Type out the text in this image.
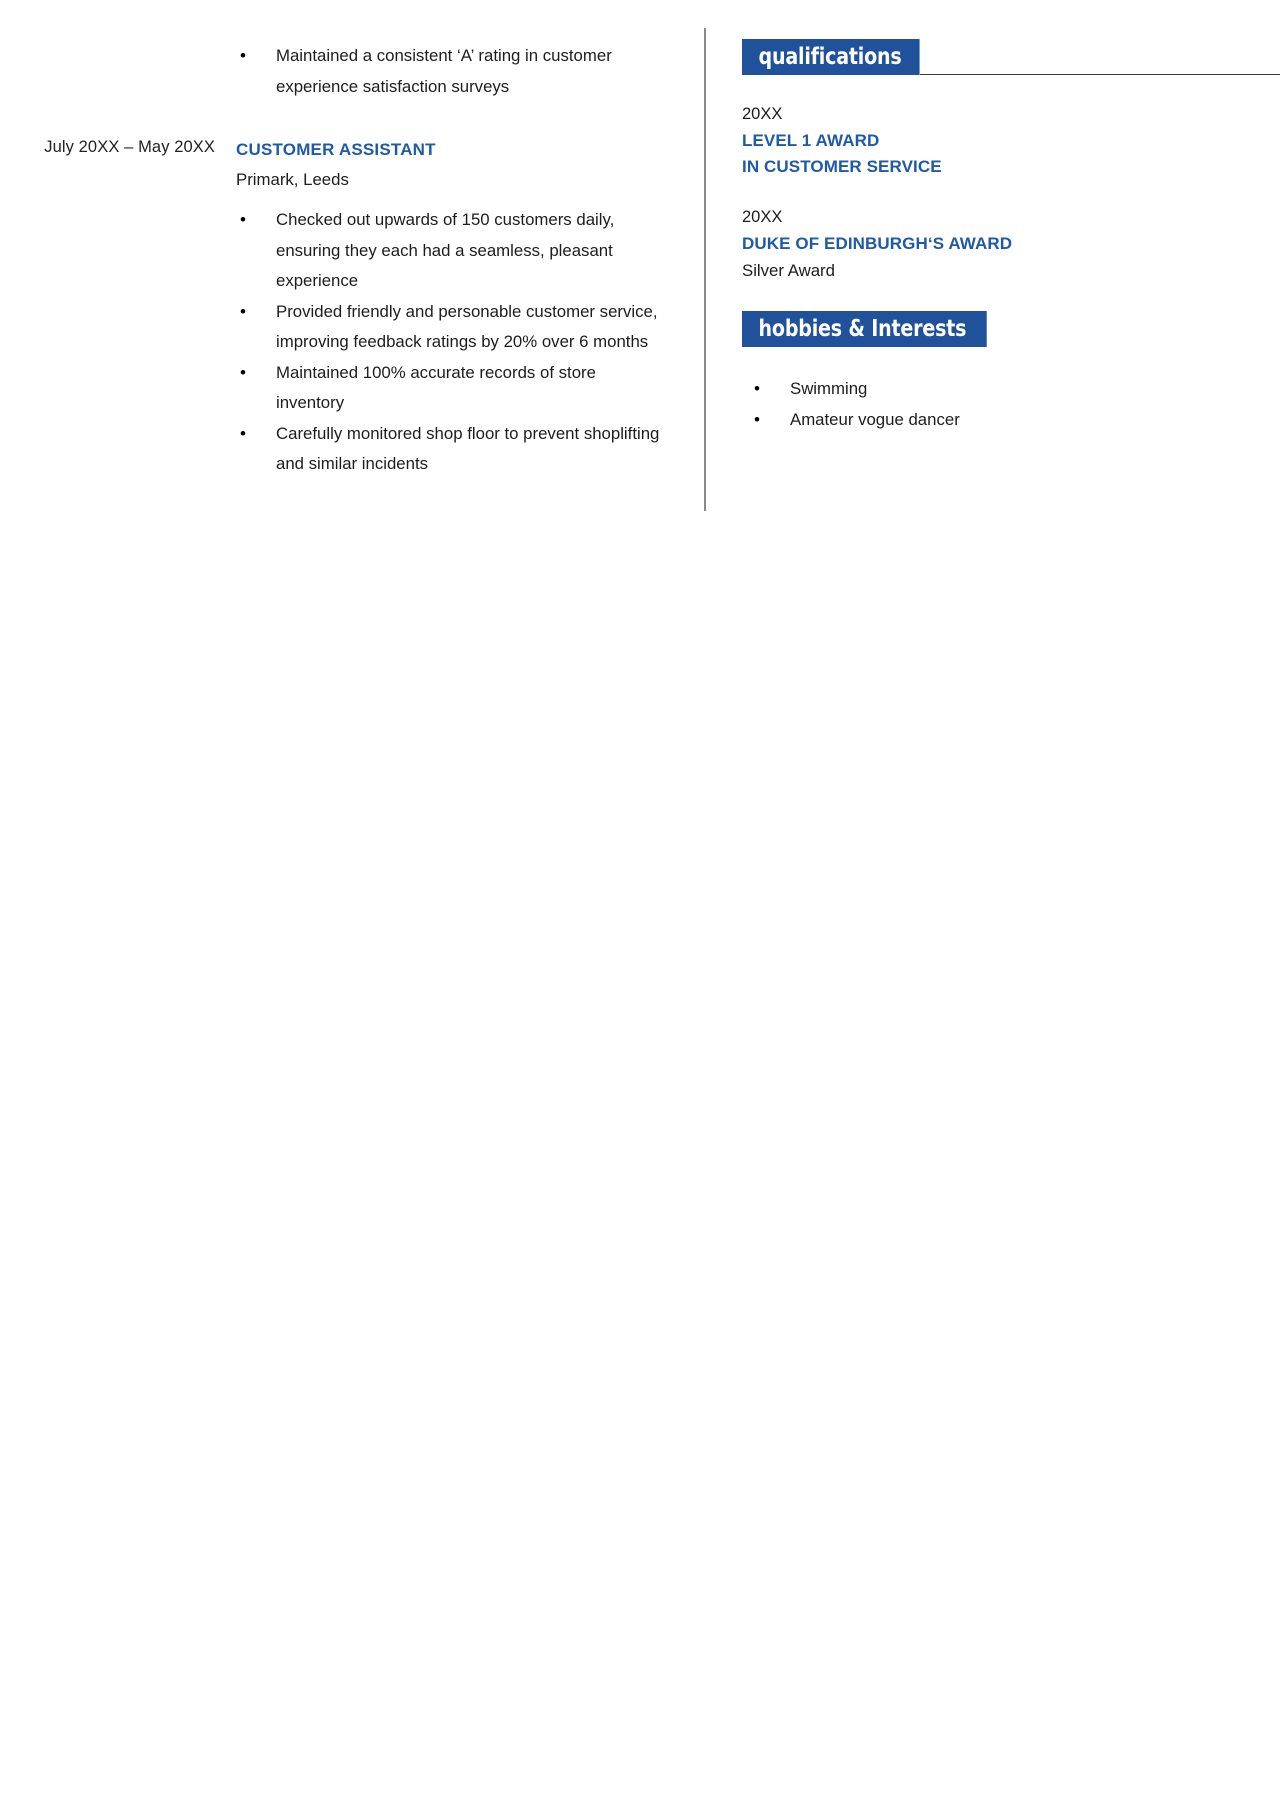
• Maintained a consistent ‘A’ rating in customer experience satisfaction surveys
CUSTOMER ASSISTANT
Primark, Leeds
• Checked out upwards of 150 customers daily, ensuring they each had a seamless, pleasant experience
• Provided friendly and personable customer service, improving feedback ratings by 20% over 6 months
• Maintained 100% accurate records of store inventory
• Carefully monitored shop floor to prevent shoplifting and similar incidents
July 20XX – May 20XX
qualifications
20XX
LEVEL 1 AWARD
IN CUSTOMER SERVICE
20XX
DUKE OF EDINBURGH‘S AWARD
Silver Award
hobbies & Interests
• Swimming
• Amateur vogue dancer
